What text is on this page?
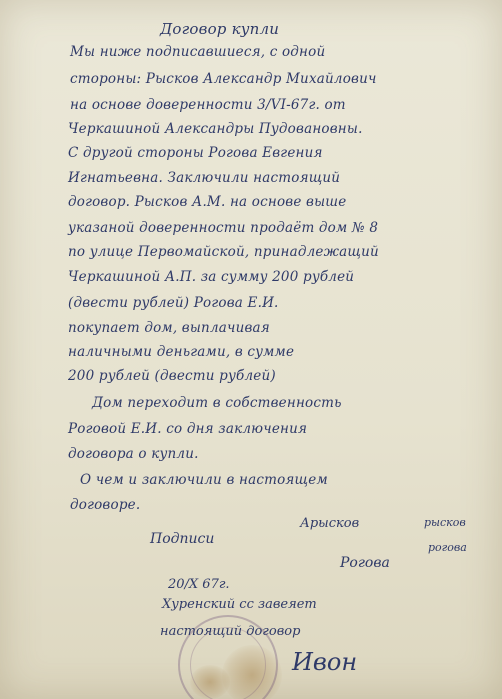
Договор купли
Мы ниже подписавшиеся, с одной
стороны: Рысков Александр Михайлович
на основе доверенности 3/VI-67г. от
Черкашиной Александры Пудовановны.
С другой стороны Рогова Евгения
Игнатьевна. Заключили настоящий
договор. Рысков А.М. на основе выше
указаной доверенности продаёт дом № 8
по улице Первомайской, принадлежащий
Черкашиной А.П. за сумму 200 рублей
(двести рублей) Рогова Е.И.
покупает дом, выплачивая
наличными деньгами, в сумме
200 рублей (двести рублей)
Дом переходит в собственность
Роговой Е.И. со дня заключения
договора о купли.
О чем и заключили в настоящем
договоре.
Подписи
Арысков	рысков
Рогова
рогова
20/X 67г.
Хуренский сс завеяет
настоящий договор
Ивон
